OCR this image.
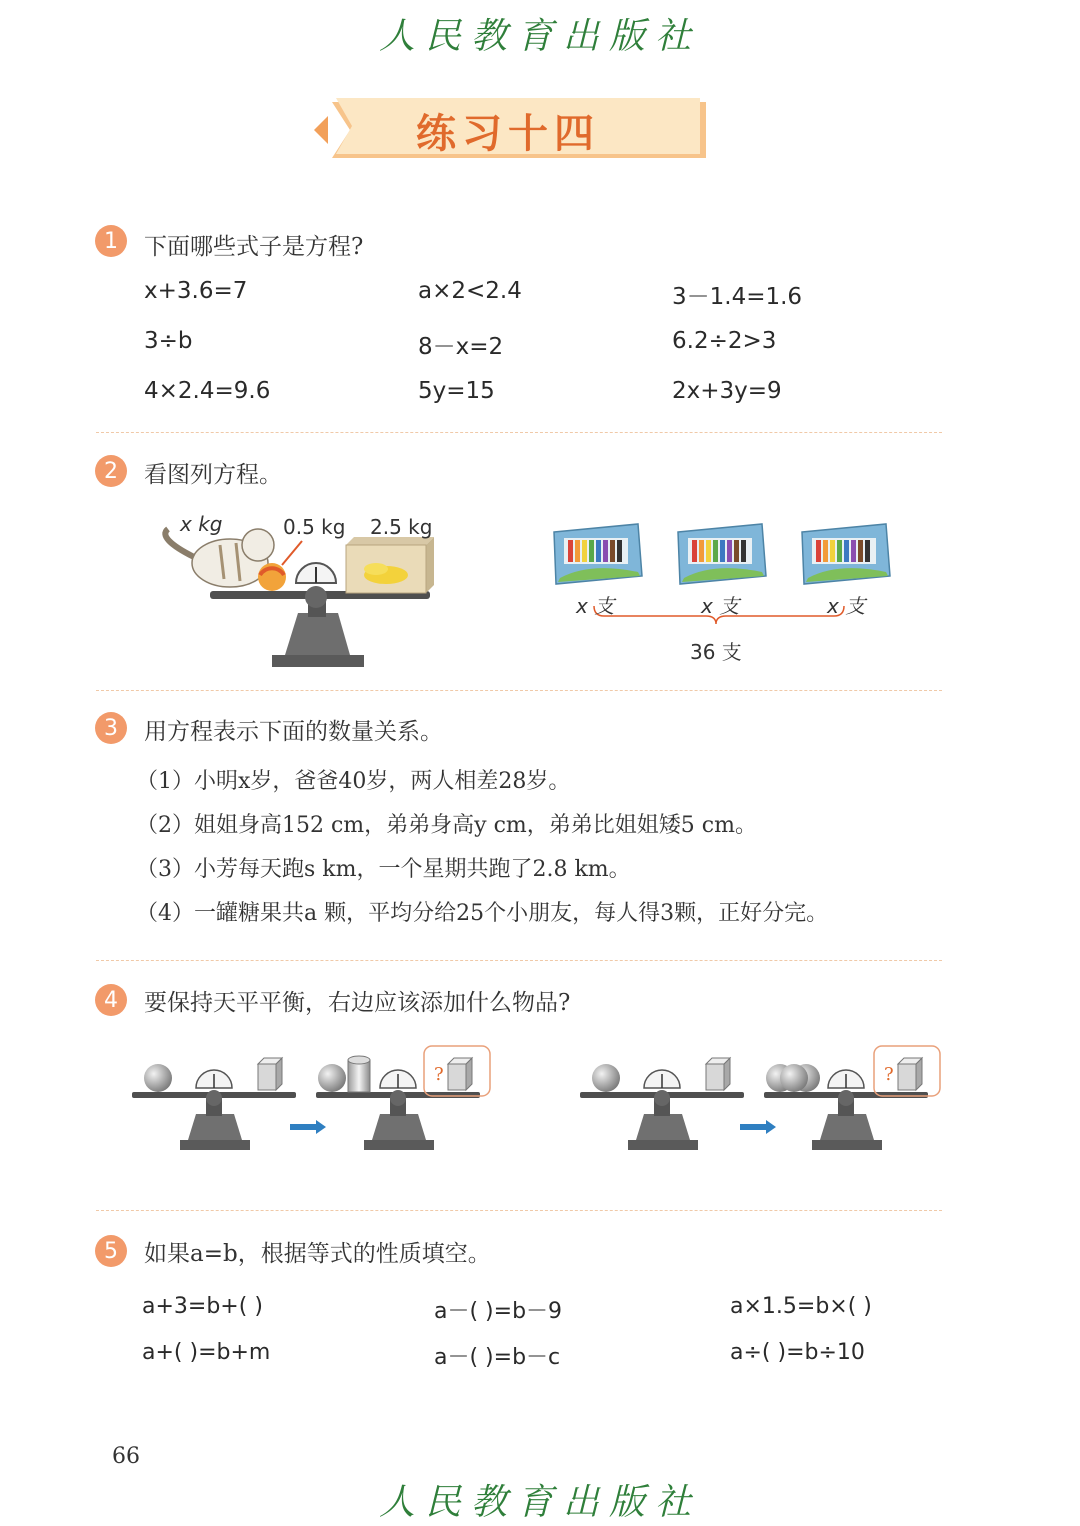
人民教育出版社
练习十四
1	下面哪些式子是方程?
x+3.6=7	a×2<2.4	3－1.4=1.6
3÷b	8－x=2	6.2÷2>3
4×2.4=9.6	5y=15	2x+3y=9
2	看图列方程。
x kg	0.5 kg 2.5 kg
x 支	x 支	x 支
36 支
3	用方程表示下面的数量关系。
（1）小明x岁，爸爸40岁，两人相差28岁。
（2）姐姐身高152 cm，弟弟身高y cm，弟弟比姐姐矮5 cm。
（3）小芳每天跑s km，一个星期共跑了2.8 km。
（4）一罐糖果共a 颗，平均分给25个小朋友，每人得3颗，正好分完。
4	要保持天平平衡，右边应该添加什么物品?
?	?
5	如果a=b，根据等式的性质填空。
a+3=b+( )	a－( )=b－9	a×1.5=b×( )
a+( )=b+m	a－( )=b－c	a÷( )=b÷10
66
人民教育出版社
